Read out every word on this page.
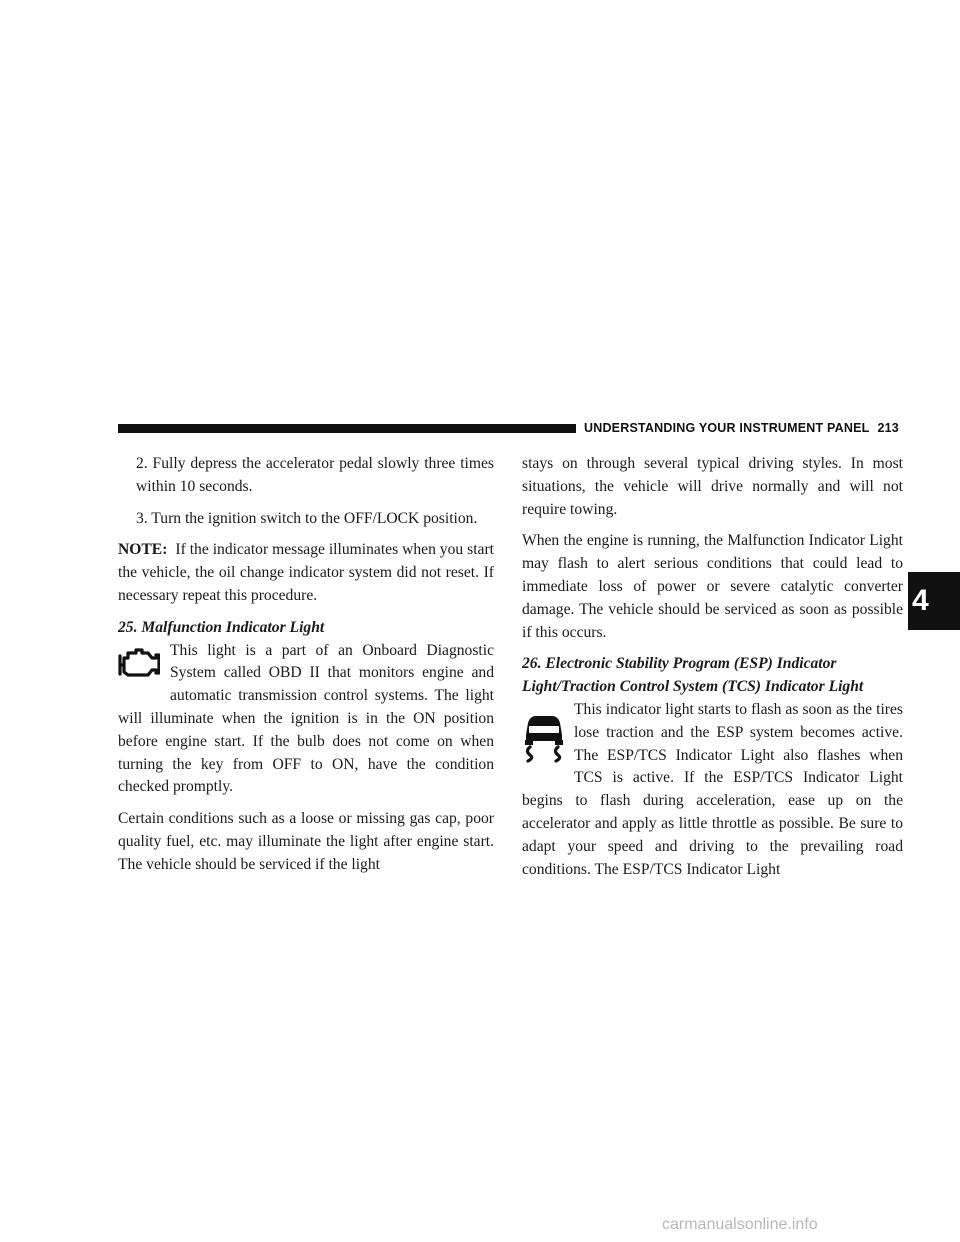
UNDERSTANDING YOUR INSTRUMENT PANEL 213
4

2. Fully depress the accelerator pedal slowly three times within 10 seconds.

3. Turn the ignition switch to the OFF/LOCK position.

NOTE: If the indicator message illuminates when you start the vehicle, the oil change indicator system did not reset. If necessary repeat this procedure.

25. Malfunction Indicator Light

This light is a part of an Onboard Diagnostic System called OBD II that monitors engine and automatic transmission control systems. The light will illuminate when the ignition is in the ON position before engine start. If the bulb does not come on when turning the key from OFF to ON, have the condition checked promptly.

Certain conditions such as a loose or missing gas cap, poor quality fuel, etc. may illuminate the light after engine start. The vehicle should be serviced if the light

stays on through several typical driving styles. In most situations, the vehicle will drive normally and will not require towing.

When the engine is running, the Malfunction Indicator Light may flash to alert serious conditions that could lead to immediate loss of power or severe catalytic converter damage. The vehicle should be serviced as soon as possible if this occurs.

26. Electronic Stability Program (ESP) Indicator Light/Traction Control System (TCS) Indicator Light

This indicator light starts to flash as soon as the tires lose traction and the ESP system becomes active. The ESP/TCS Indicator Light also flashes when TCS is active. If the ESP/TCS Indicator Light begins to flash during acceleration, ease up on the accelerator and apply as little throttle as possible. Be sure to adapt your speed and driving to the prevailing road conditions. The ESP/TCS Indicator Light
carmanualsonline.info
